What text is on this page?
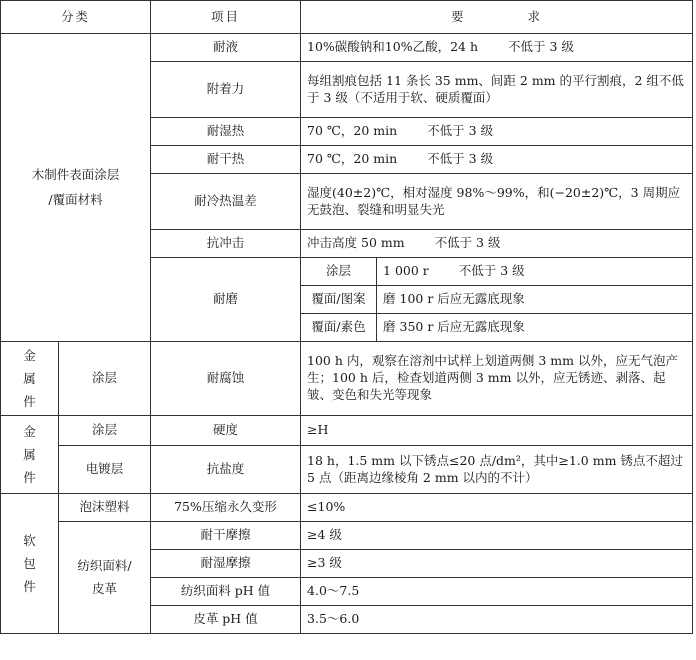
分类		项目	要 求	

木制件表面涂层
/覆面材料		耐液	10%碳酸钠和10%乙酸，24 h 不低于 3 级	
		附着力	每组割痕包括 11 条长 35 mm、间距 2 mm 的平行割痕，2 组不低于 3 级（不适用于软、硬质覆面）	
		耐湿热	70 ℃，20 min 不低于 3 级	
		耐干热	70 ℃，20 min 不低于 3 级	
		耐冷热温差	湿度(40±2)℃，相对湿度 98%～99%，和(−20±2)℃，3 周期应无鼓泡、裂缝和明显失光	
		抗冲击	冲击高度 50 mm 不低于 3 级	
		耐磨	涂层	1 000 r 不低于 3 级
			覆面/图案	磨 100 r 后应无露底现象
			覆面/素色	磨 350 r 后应无露底现象

金
属
件	涂层	耐腐蚀	100 h 内，观察在溶剂中试样上划道两侧 3 mm 以外，应无气泡产生；100 h 后，检查划道两侧 3 mm 以外，应无锈迹、剥落、起皱、变色和失光等现象	

金
属
件	涂层	硬度	≥H	
	电镀层	抗盐度	18 h，1.5 mm 以下锈点≤20 点/dm²，其中≥1.0 mm 锈点不超过 5 点（距离边缘棱角 2 mm 以内的不计）	

软
包
件	泡沫塑料	75%压缩永久变形	≤10%	

	纺织面料/
皮革	耐干摩擦	≥4 级	
		耐湿摩擦	≥3 级	
		纺织面料 pH 值	4.0～7.5	
		皮革 pH 值	3.5～6.0	
